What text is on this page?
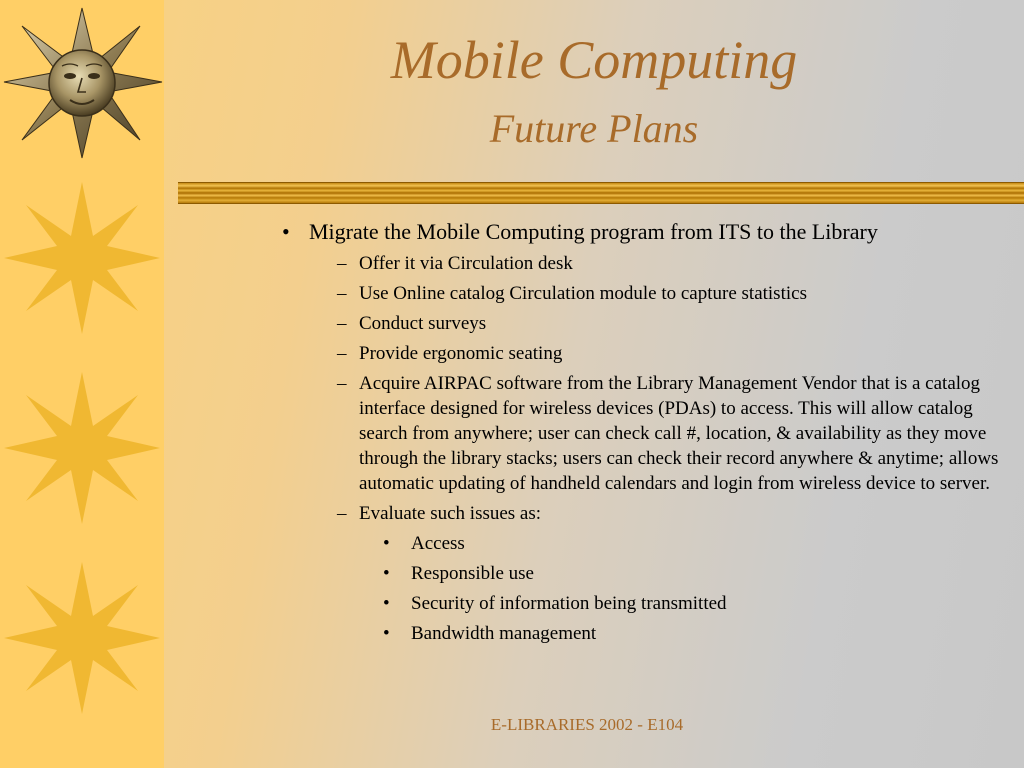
Mobile Computing
Future Plans
• Migrate the Mobile Computing program from ITS to the Library
– Offer it via Circulation desk
– Use Online catalog Circulation module to capture statistics
– Conduct surveys
– Provide ergonomic seating
– Acquire AIRPAC software from the Library Management Vendor that is a catalog interface designed for wireless devices (PDAs) to access. This will allow catalog search from anywhere; user can check call #, location, & availability as they move through the library stacks; users can check their record anywhere & anytime; allows automatic updating of handheld calendars and login from wireless device to server.
– Evaluate such issues as:
• Access
• Responsible use
• Security of information being transmitted
• Bandwidth management
E-LIBRARIES 2002 - E104
